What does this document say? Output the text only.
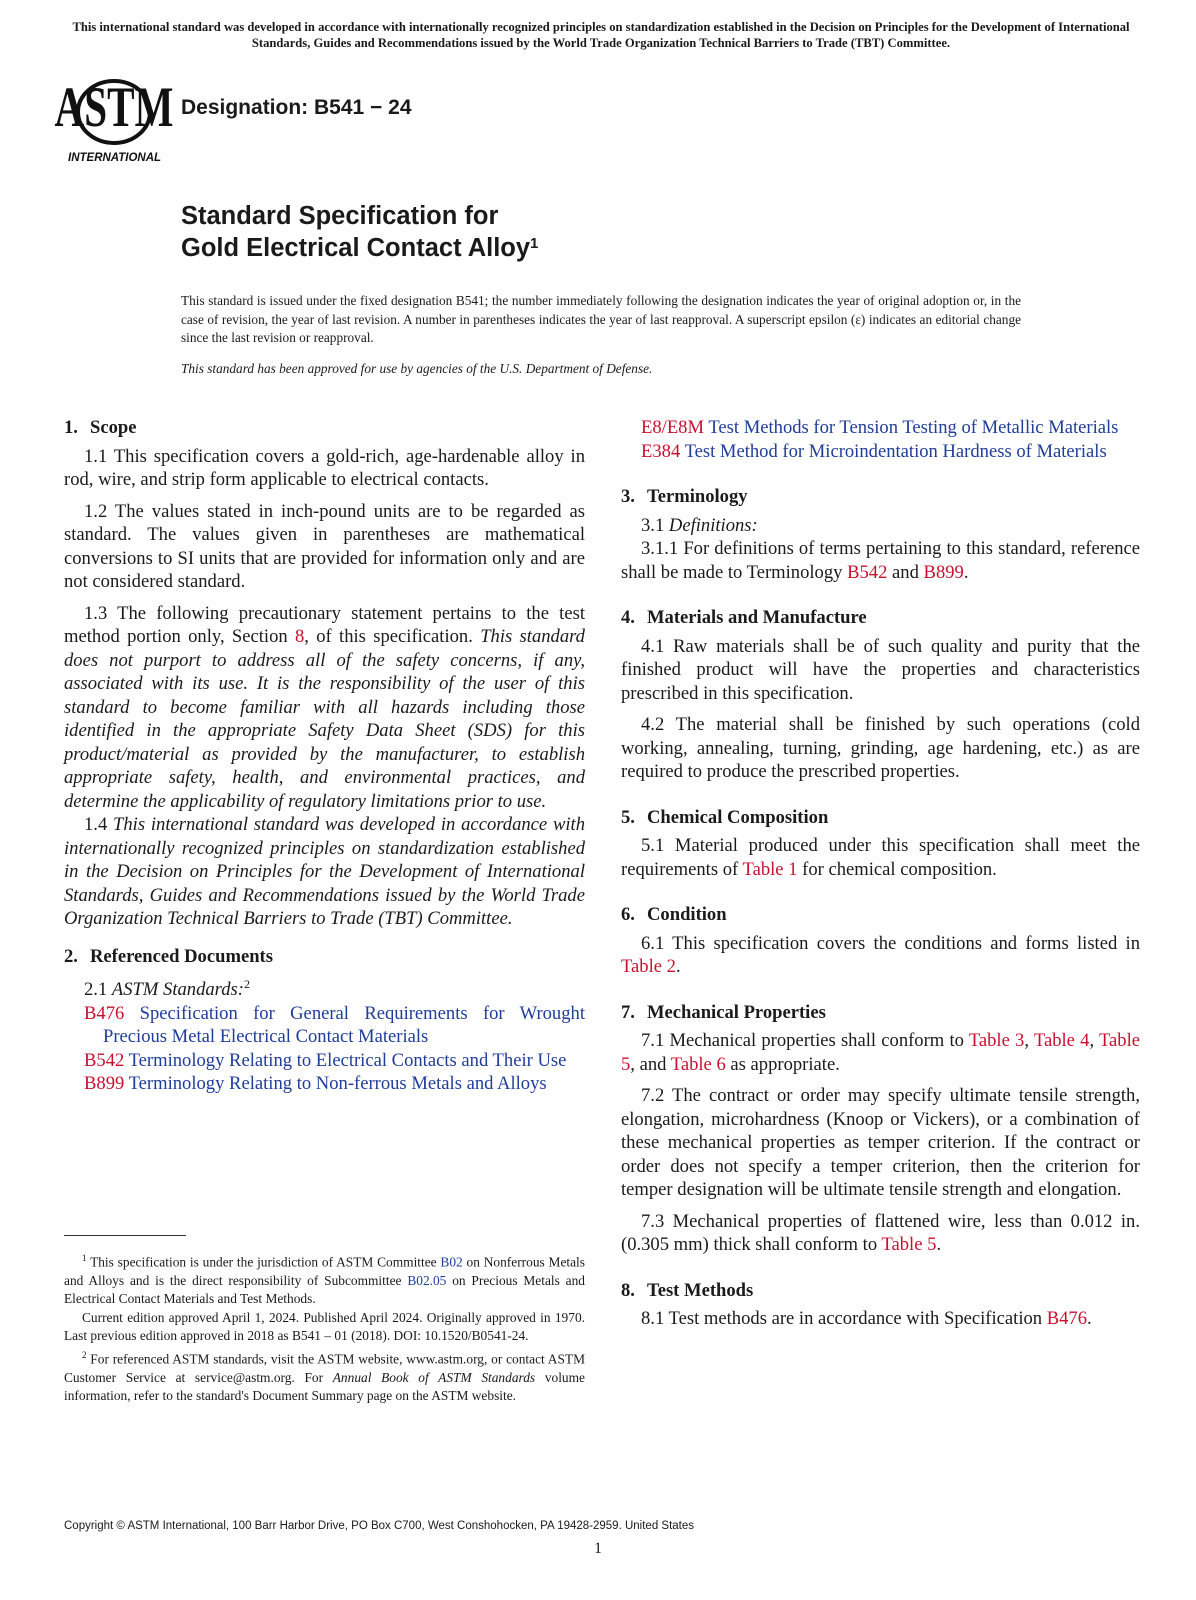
This international standard was developed in accordance with internationally recognized principles on standardization established in the Decision on Principles for the Development of International Standards, Guides and Recommendations issued by the World Trade Organization Technical Barriers to Trade (TBT) Committee.
ASTM
INTERNATIONAL
Designation: B541 − 24
Standard Specification for
Gold Electrical Contact Alloy$^1$
This standard is issued under the fixed designation B541; the number immediately following the designation indicates the year of original adoption or, in the case of revision, the year of last revision. A number in parentheses indicates the year of last reapproval. A superscript epsilon (ε) indicates an editorial change since the last revision or reapproval.
This standard has been approved for use by agencies of the U.S. Department of Defense.
1. Scope

1.1 This specification covers a gold-rich, age-hardenable alloy in rod, wire, and strip form applicable to electrical contacts.

1.2 The values stated in inch-pound units are to be regarded as standard. The values given in parentheses are mathematical conversions to SI units that are provided for information only and are not considered standard.

1.3 The following precautionary statement pertains to the test method portion only, Section 8, of this specification. This standard does not purport to address all of the safety concerns, if any, associated with its use. It is the responsibility of the user of this standard to become familiar with all hazards including those identified in the appropriate Safety Data Sheet (SDS) for this product/material as provided by the manufacturer, to establish appropriate safety, health, and environmental practices, and determine the applicability of regulatory limitations prior to use.

1.4 This international standard was developed in accordance with internationally recognized principles on standardization established in the Decision on Principles for the Development of International Standards, Guides and Recommendations issued by the World Trade Organization Technical Barriers to Trade (TBT) Committee.

2. Referenced Documents
2.1 ASTM Standards:$^2$

B476 Specification for General Requirements for Wrought Precious Metal Electrical Contact Materials

B542 Terminology Relating to Electrical Contacts and Their Use

B899 Terminology Relating to Non-ferrous Metals and Alloys

$^1$ This specification is under the jurisdiction of ASTM Committee B02 on Nonferrous Metals and Alloys and is the direct responsibility of Subcommittee B02.05 on Precious Metals and Electrical Contact Materials and Test Methods.

Current edition approved April 1, 2024. Published April 2024. Originally approved in 1970. Last previous edition approved in 2018 as B541 – 01 (2018). DOI: 10.1520/B0541-24.

$^2$ For referenced ASTM standards, visit the ASTM website, www.astm.org, or contact ASTM Customer Service at service@astm.org. For Annual Book of ASTM Standards volume information, refer to the standard's Document Summary page on the ASTM website.

E8/E8M Test Methods for Tension Testing of Metallic Materials

E384 Test Method for Microindentation Hardness of Materials

3. Terminology
3.1 Definitions:

3.1.1 For definitions of terms pertaining to this standard, reference shall be made to Terminology B542 and B899.

4. Materials and Manufacture

4.1 Raw materials shall be of such quality and purity that the finished product will have the properties and characteristics prescribed in this specification.

4.2 The material shall be finished by such operations (cold working, annealing, turning, grinding, age hardening, etc.) as are required to produce the prescribed properties.

5. Chemical Composition

5.1 Material produced under this specification shall meet the requirements of Table 1 for chemical composition.

6. Condition

6.1 This specification covers the conditions and forms listed in Table 2.

7. Mechanical Properties

7.1 Mechanical properties shall conform to Table 3, Table 4, Table 5, and Table 6 as appropriate.

7.2 The contract or order may specify ultimate tensile strength, elongation, microhardness (Knoop or Vickers), or a combination of these mechanical properties as temper criterion. If the contract or order does not specify a temper criterion, then the criterion for temper designation will be ultimate tensile strength and elongation.

7.3 Mechanical properties of flattened wire, less than 0.012 in. (0.305 mm) thick shall conform to Table 5.

8. Test Methods

8.1 Test methods are in accordance with Specification B476.

Copyright © ASTM International, 100 Barr Harbor Drive, PO Box C700, West Conshohocken, PA 19428-2959. United States
1
